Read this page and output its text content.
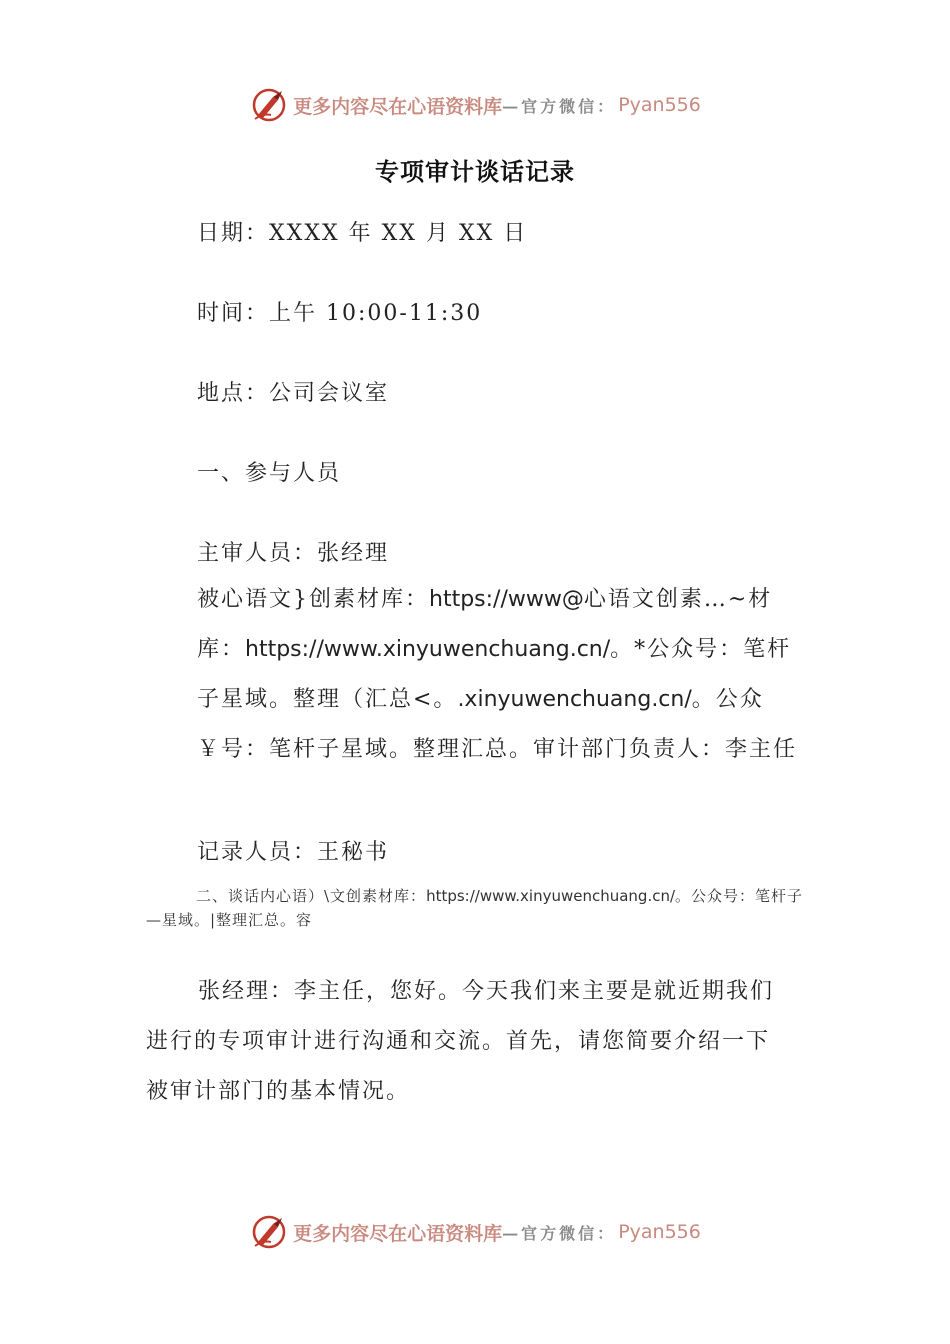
更多内容尽在心语资料库 —官方微信： Pyan556
专项审计谈话记录
日期：XXXX 年 XX 月 XX 日
时间：上午 10:00-11:30
地点：公司会议室
一、参与人员
主审人员：张经理
被心语文}创素材库：https://www@心语文创素…~材库：https://www.xinyuwenchuang.cn/。*公众号：笔杆子星域。整理（汇总<。.xinyuwenchuang.cn/。公众￥号：笔杆子星域。整理汇总。审计部门负责人：李主任
记录人员：王秘书
二、谈话内心语）\文创素材库：https://www.xinyuwenchuang.cn/。公众号：笔杆子—星域。|整理汇总。容
张经理：李主任，您好。今天我们来主要是就近期我们进行的专项审计进行沟通和交流。首先，请您简要介绍一下被审计部门的基本情况。
更多内容尽在心语资料库 —官方微信： Pyan556
